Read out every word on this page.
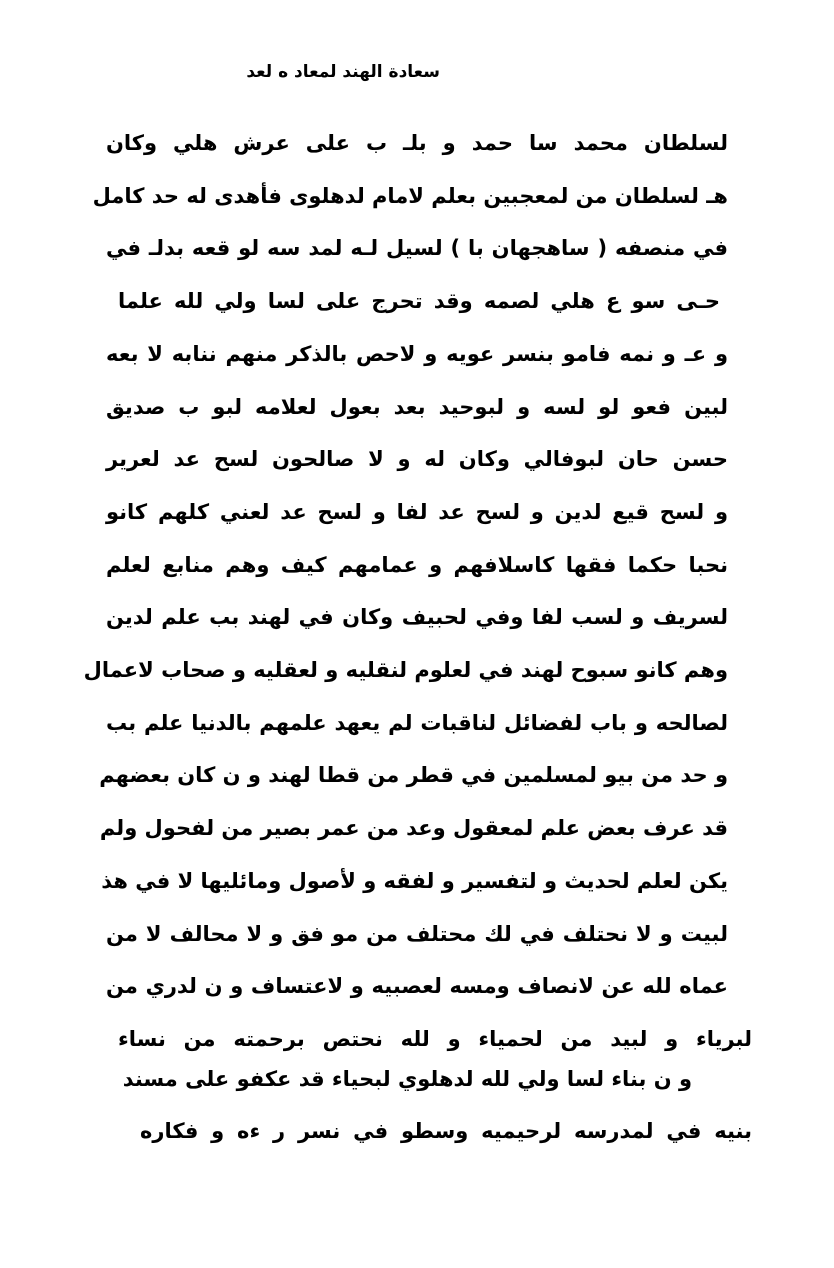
سعادة الهند لمعاد ه لعد
لسلطان محمد سا حمد و بلـ ب على عرش هلي وكان
هـ لسلطان من لمعجبين بعلم لامام لدهلوى فأهدى له حد كامل
في منصفه ( ساهجهان با ) لسيل لـه لمد سه لو قعه بدلـ في
حـى سو ع هلي لصمه وقد تحرج على لسا ولي لله علما
و عـ و نمه فامو بنسر عويه و لاحص بالذكر منهم ننابه لا بعه
لبين فعو لو لسه و لبوحيد بعد بعول لعلامه لبو ب صديق
حسن حان لبوفالي وكان له و لا صالحون لسح عد لعرير
و لسح قيع لدين و لسح عد لفا و لسح عد لعني كلهم كانو
نحبا حكما فقها كاسلافهم و عمامهم كيف وهم منابع لعلم
لسريف و لسب لفا وفي لحبيف وكان في لهند بب علم لدين
وهم كانو سبوح لهند في لعلوم لنقليه و لعقليه و صحاب لاعمال
لصالحه و باب لفضائل لناقبات لم يعهد علمهم بالدنيا علم بب
و حد من بيو لمسلمين في قطر من قطا لهند و ن كان بعضهم
قد عرف بعض علم لمعقول وعد من عمر بصير من لفحول ولم
يكن لعلم لحديث و لتفسير و لفقه و لأصول ومائليها لا في هذ
لبيت و لا نحتلف في لك محتلف من مو فق و لا محالف لا من
عماه لله عن لانصاف ومسه لعصبيه و لاعتساف و ن لدري من
لبرياء و لبيد من لحمياء و لله نحتص برحمته من نساء
و ن بناء لسا ولي لله لدهلوي لبحياء قد عكفو على مسند
بنيه في لمدرسه لرحيميه وسطو في نسر ر ءه و فكاره
